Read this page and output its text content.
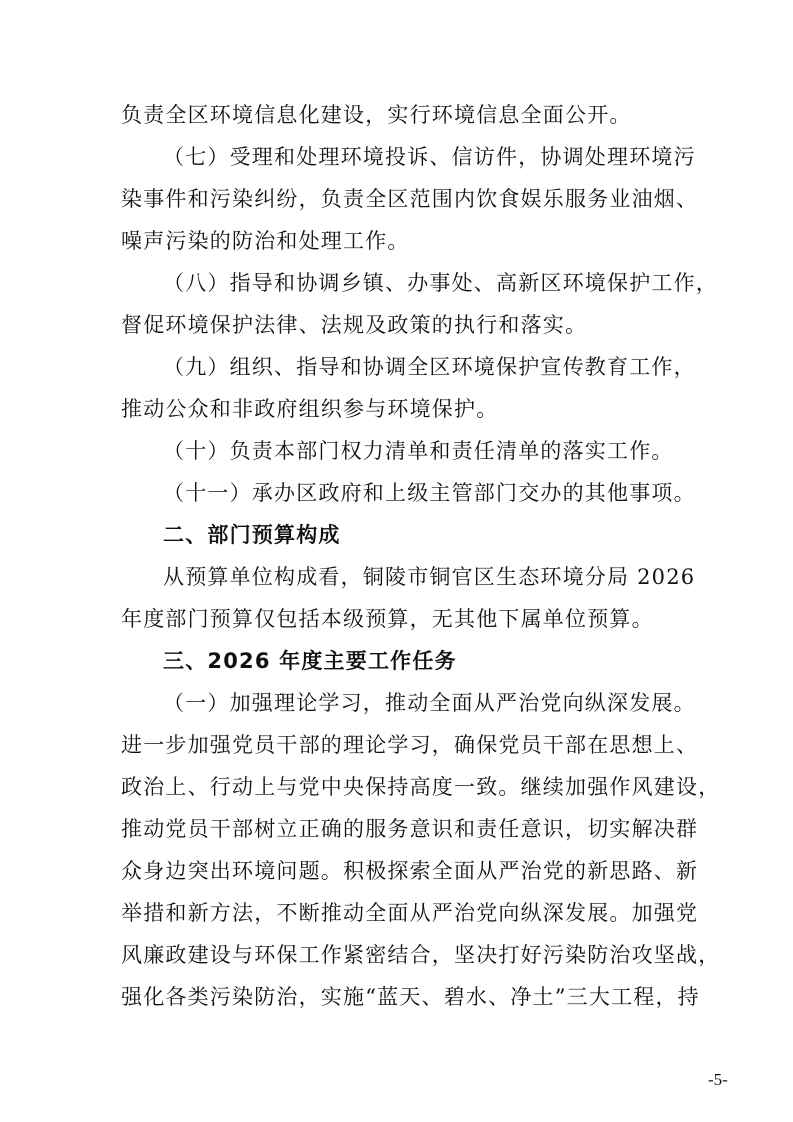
负责全区环境信息化建设，实行环境信息全面公开。
（七）受理和处理环境投诉、信访件，协调处理环境污
染事件和污染纠纷，负责全区范围内饮食娱乐服务业油烟、
噪声污染的防治和处理工作。
（八）指导和协调乡镇、办事处、高新区环境保护工作，
督促环境保护法律、法规及政策的执行和落实。
（九）组织、指导和协调全区环境保护宣传教育工作，
推动公众和非政府组织参与环境保护。
（十）负责本部门权力清单和责任清单的落实工作。
（十一）承办区政府和上级主管部门交办的其他事项。
二、部门预算构成
从预算单位构成看，铜陵市铜官区生态环境分局 2026
年度部门预算仅包括本级预算，无其他下属单位预算。
三、2026 年度主要工作任务
（一）加强理论学习，推动全面从严治党向纵深发展。
进一步加强党员干部的理论学习，确保党员干部在思想上、
政治上、行动上与党中央保持高度一致。继续加强作风建设，
推动党员干部树立正确的服务意识和责任意识，切实解决群
众身边突出环境问题。积极探索全面从严治党的新思路、新
举措和新方法，不断推动全面从严治党向纵深发展。加强党
风廉政建设与环保工作紧密结合，坚决打好污染防治攻坚战，
强化各类污染防治，实施“蓝天、碧水、净土”三大工程，持
-5-
